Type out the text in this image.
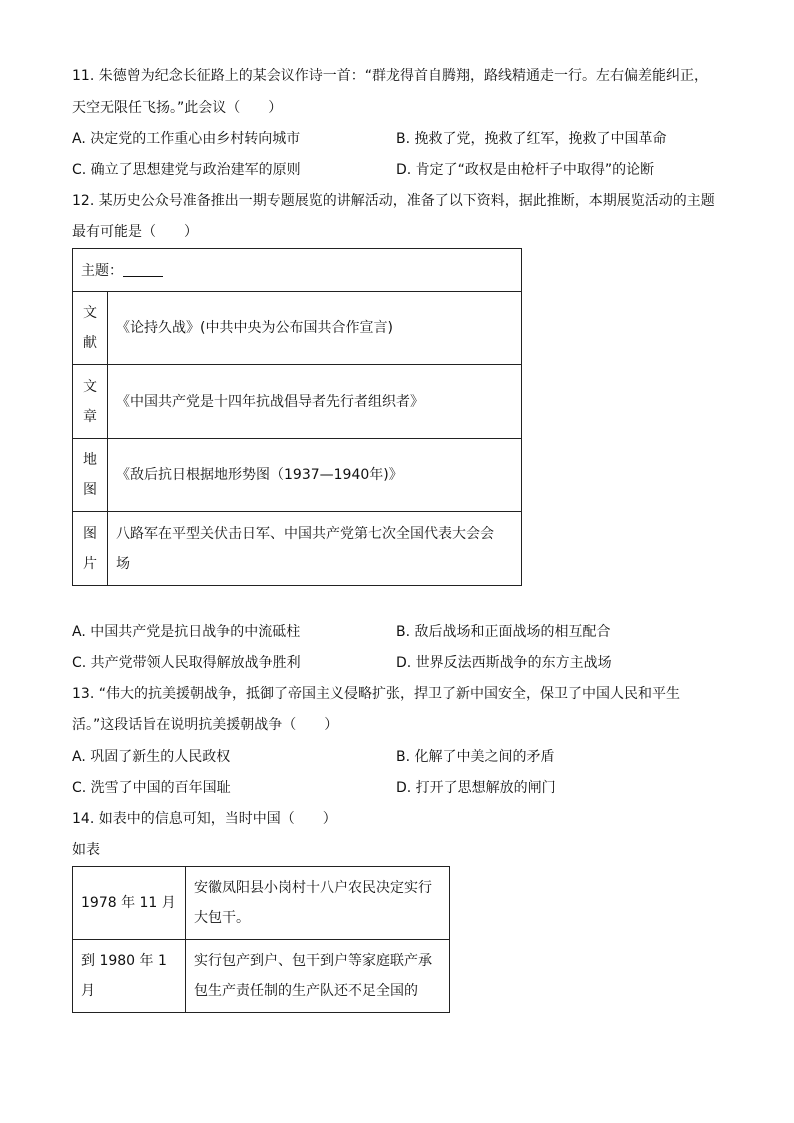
11. 朱德曾为纪念长征路上的某会议作诗一首：“群龙得首自腾翔，路线精通走一行。左右偏差能纠正，
天空无限任飞扬。”此会议（　　）
A. 决定党的工作重心由乡村转向城市	B. 挽救了党，挽救了红军，挽救了中国革命
C. 确立了思想建党与政治建军的原则	D. 肯定了“政权是由枪杆子中取得”的论断
12. 某历史公众号准备推出一期专题展览的讲解活动，准备了以下资料，据此推断，本期展览活动的主题
最有可能是（　　）
主题：	

文
献	《论持久战》(中共中央为公布国共合作宣言)

文
章	《中国共产党是十四年抗战倡导者先行者组织者》

地
图	《敌后抗日根据地形势图（1937—1940年)》

图
片	八路军在平型关伏击日军、中国共产党第七次全国代表大会会
场
A. 中国共产党是抗日战争的中流砥柱	B. 敌后战场和正面战场的相互配合
C. 共产党带领人民取得解放战争胜利	D. 世界反法西斯战争的东方主战场
13. “伟大的抗美援朝战争，抵御了帝国主义侵略扩张，捍卫了新中国安全，保卫了中国人民和平生
活。”这段话旨在说明抗美援朝战争（　　）
A. 巩固了新生的人民政权	B. 化解了中美之间的矛盾
C. 洗雪了中国的百年国耻	D. 打开了思想解放的闸门
14. 如表中的信息可知，当时中国（　　）
如表
1978 年 11 月	安徽凤阳县小岗村十八户农民决定实行
大包干。
到 1980 年 1 月	实行包产到户、包干到户等家庭联产承
包生产责任制的生产队还不足全国的
